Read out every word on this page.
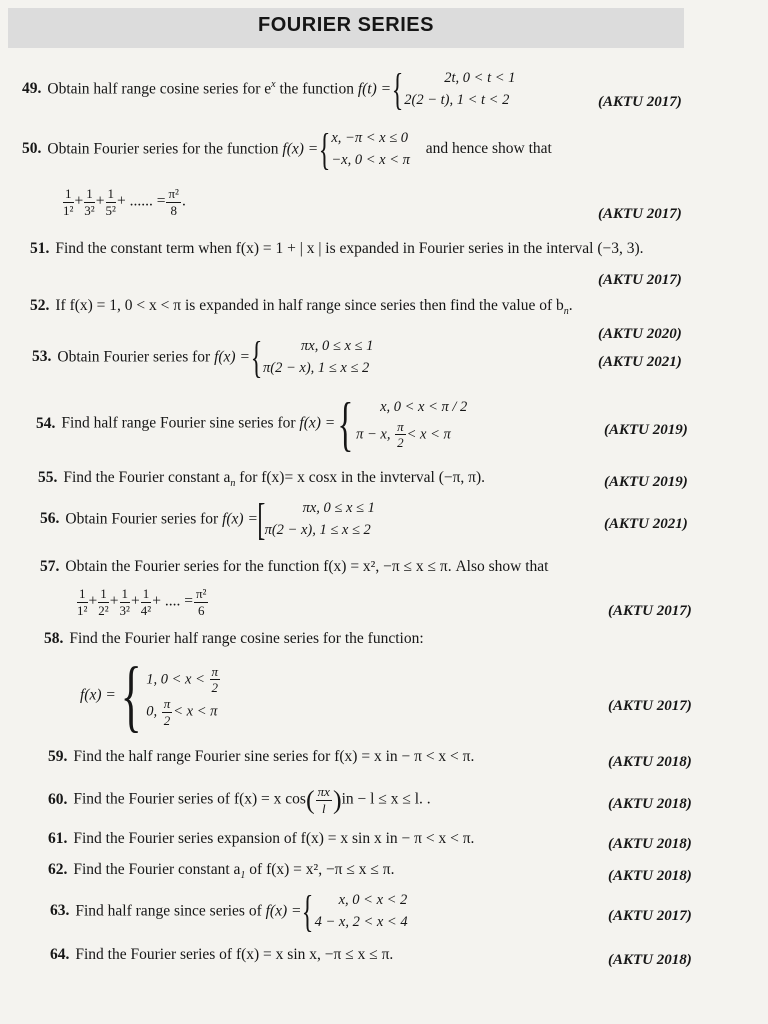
FOURIER SERIES
49. Obtain half range cosine series for $e^x$ the function f(t) ={	2t, 0 < t < 1
2(2 − t), 1 < t < 2	(AKTU 2017)
50. Obtain Fourier series for the function f(x) ={ x, −π < x ≤ 0
−x, 0 < x < π
and hence show that
$\frac{1}{\text{1²}} + \frac{1}{\text{3²}} + \frac{1}{\text{5²}}$ + ...... = $\frac{\text{π²}}{8}$ .
(AKTU 2017)
51. Find the constant term when f(x) = 1 + | x | is expanded in Fourier series in the interval (−3, 3).
(AKTU 2017)
52. If f(x) = 1, 0 < x < π is expanded in half range since series then find the value of $b_n$.
(AKTU 2020)
53. Obtain Fourier series for f(x) ={	πx, 0 ≤ x ≤ 1
π(2 − x), 1 ≤ x ≤ 2	(AKTU 2021)
54. Find half range Fourier sine series for f(x) ={	x, 0 < x < π / 2
π − x, $\frac{\pi}{2} < x < \pi$	(AKTU 2019)
55. Find the Fourier constant $a_n$ for f(x)= x cosx in the invterval (−π, π).	(AKTU 2019)
56. Obtain Fourier series for f(x) =[	πx, 0 ≤ x ≤ 1
π(2 − x), 1 ≤ x ≤ 2	(AKTU 2021)
57. Obtain the Fourier series for the function f(x) = x², −π ≤ x ≤ π. Also show that
$\frac{1}{\text{1²}} + \frac{1}{\text{2²}} + \frac{1}{\text{3²}} + \frac{1}{\text{4²}}$ + .... = $\frac{\text{π²}}{6}$	(AKTU 2017)
58. Find the Fourier half range cosine series for the function:
f(x) ={ 1, $0 < x < \frac{\pi}{2}$
0, $\frac{\pi}{2} < x < \pi$	(AKTU 2017)
59. Find the half range Fourier sine series for f(x) = x in − π < x < π.	(AKTU 2018)
60. Find the Fourier series of f(x) = x $\cos( \frac{\pi x}{l} )in - l \le x \le l$. .	(AKTU 2018)
61. Find the Fourier series expansion of f(x) = x sin x in − π < x < π.	(AKTU 2018)
62. Find the Fourier constant $a_1$ of f(x) = x², −π ≤ x ≤ π.	(AKTU 2018)
63. Find half range since series of f(x) ={	x, 0 < x < 2
4 − x, 2 < x < 4	(AKTU 2017)
64. Find the Fourier series of f(x) = x sin x, −π ≤ x ≤ π.	(AKTU 2018)
